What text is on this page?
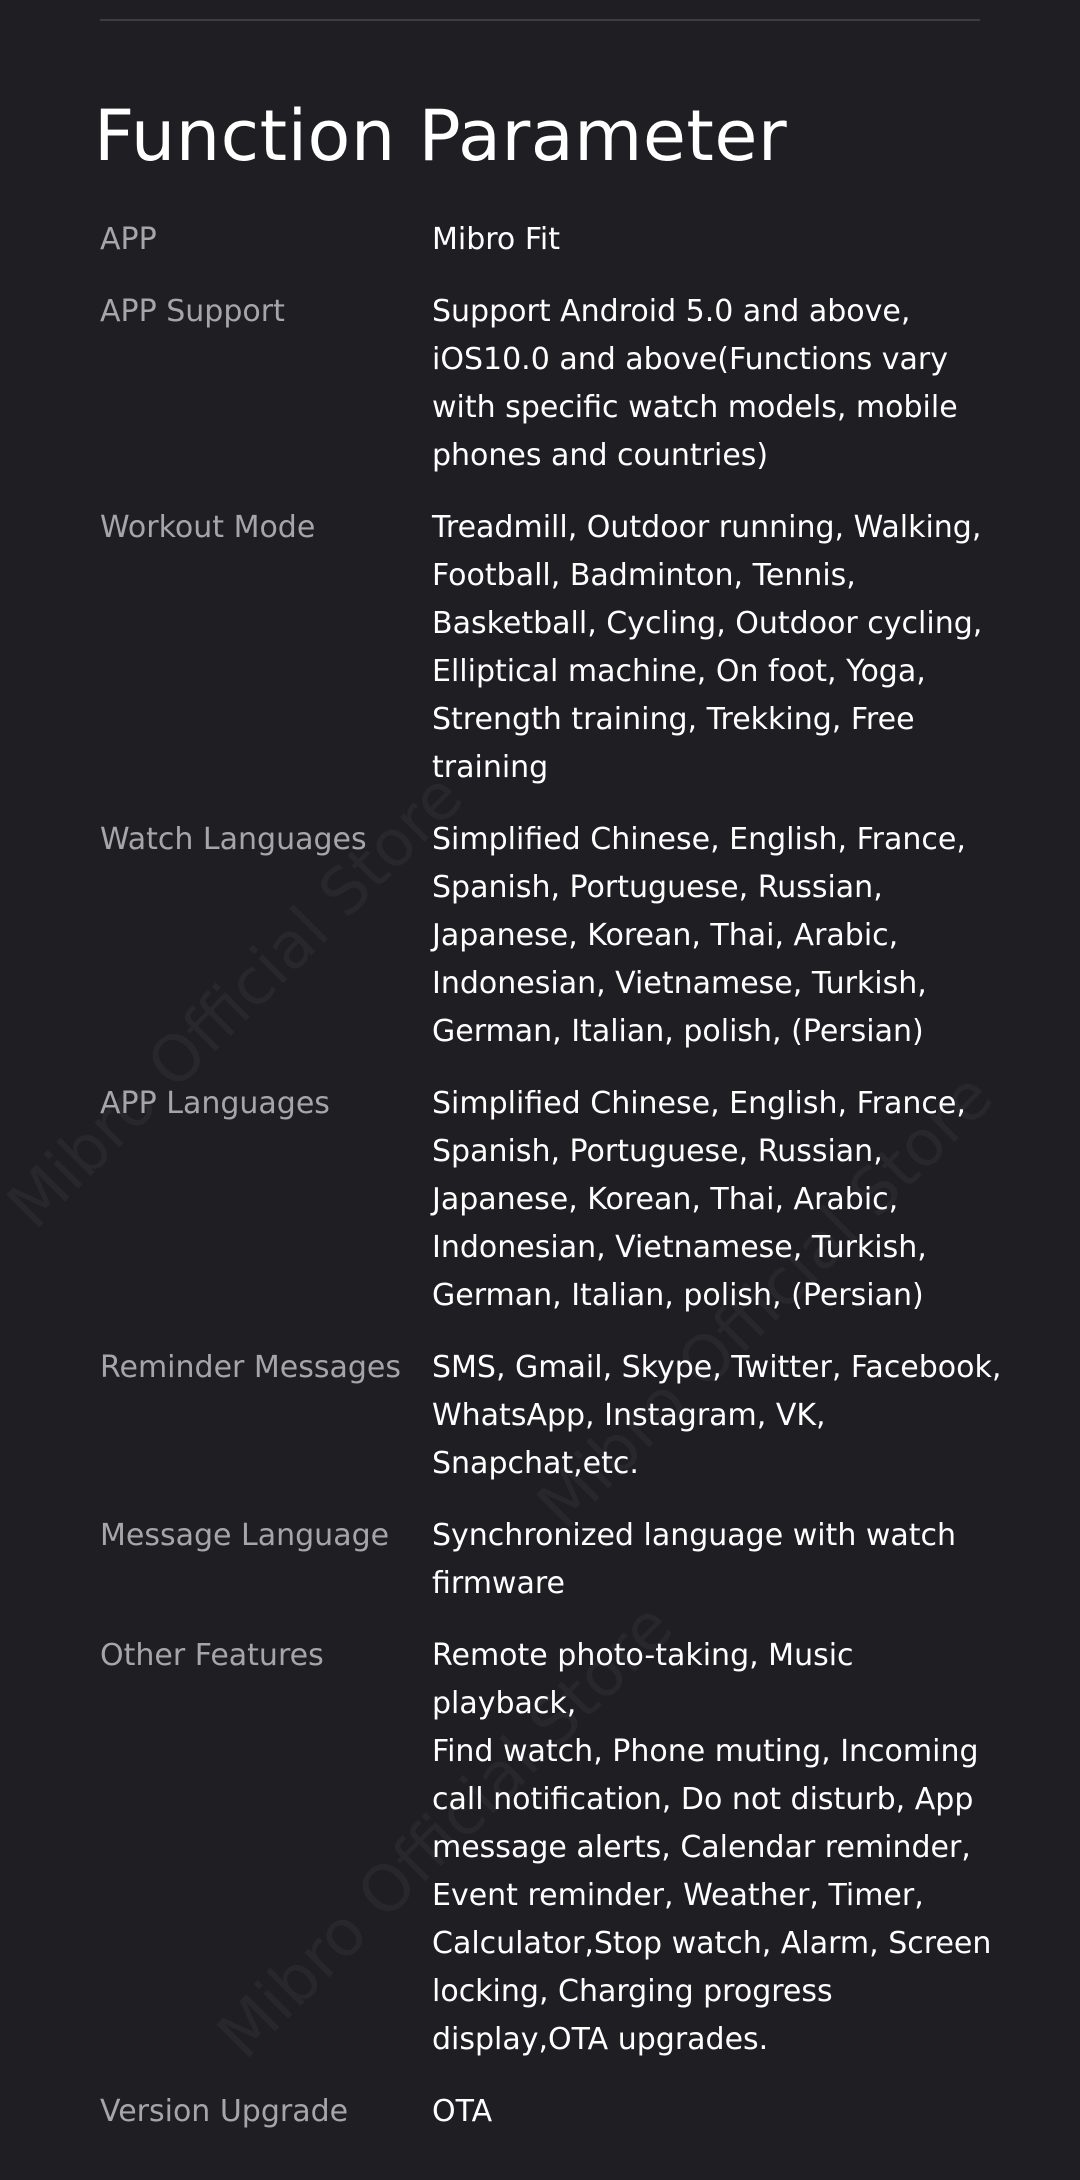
Function Parameter
APP	Mibro Fit
APP Support	Support Android 5.0 and above,
iOS10.0 and above(Functions vary
with specific watch models, mobile
phones and countries)
Workout Mode	Treadmill, Outdoor running, Walking,
Football, Badminton, Tennis,
Basketball, Cycling, Outdoor cycling,
Elliptical machine, On foot, Yoga,
Strength training, Trekking, Free
training
Watch Languages	Simplified Chinese, English, France,
Spanish, Portuguese, Russian,
Japanese, Korean, Thai, Arabic,
Indonesian, Vietnamese, Turkish,
German, Italian, polish, (Persian)
APP Languages	Simplified Chinese, English, France,
Spanish, Portuguese, Russian,
Japanese, Korean, Thai, Arabic,
Indonesian, Vietnamese, Turkish,
German, Italian, polish, (Persian)
Reminder Messages	SMS, Gmail, Skype, Twitter, Facebook,
WhatsApp, Instagram, VK,
Snapchat,etc.
Message Language	Synchronized language with watch
firmware
Other Features	Remote photo-taking, Music playback,
Find watch, Phone muting, Incoming
call notification, Do not disturb, App
message alerts, Calendar reminder,
Event reminder, Weather, Timer,
Calculator,Stop watch, Alarm, Screen
locking, Charging progress
display,OTA upgrades.
Version Upgrade	OTA
